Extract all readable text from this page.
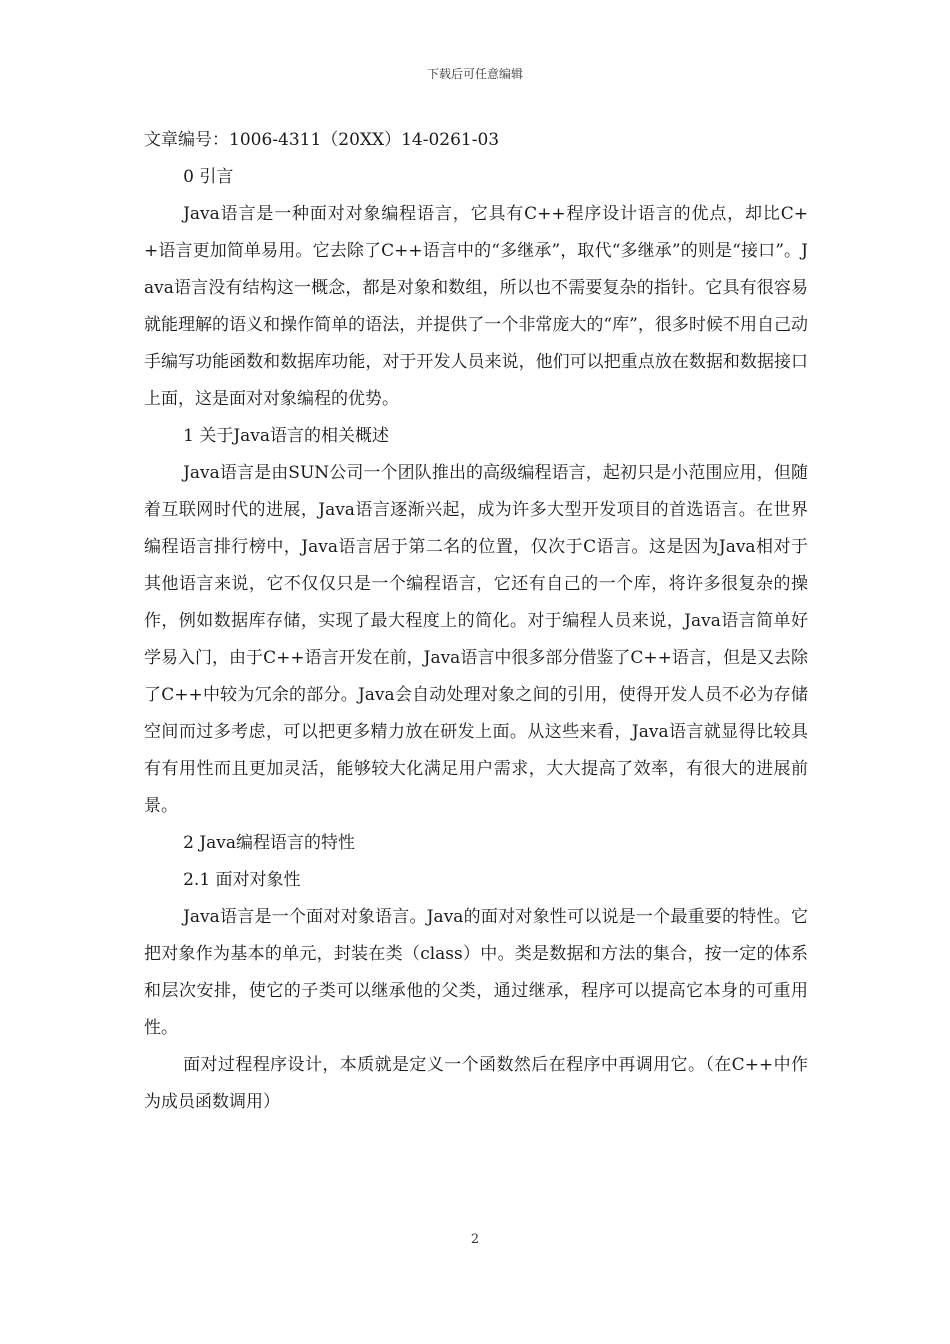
下载后可任意编辑

文章编号：1006-4311（20XX）14-0261-03

0 引言

Java语言是一种面对对象编程语言，它具有C++程序设计语言的优点，却比C++语言更加简单易用。它去除了C++语言中的“多继承”，取代“多继承”的则是“接口”。Java语言没有结构这一概念，都是对象和数组，所以也不需要复杂的指针。它具有很容易就能理解的语义和操作简单的语法，并提供了一个非常庞大的“库”，很多时候不用自己动手编写功能函数和数据库功能，对于开发人员来说，他们可以把重点放在数据和数据接口上面，这是面对对象编程的优势。

1 关于Java语言的相关概述

Java语言是由SUN公司一个团队推出的高级编程语言，起初只是小范围应用，但随着互联网时代的进展，Java语言逐渐兴起，成为许多大型开发项目的首选语言。在世界编程语言排行榜中，Java语言居于第二名的位置，仅次于C语言。这是因为Java相对于其他语言来说，它不仅仅只是一个编程语言，它还有自己的一个库，将许多很复杂的操作，例如数据库存储，实现了最大程度上的简化。对于编程人员来说，Java语言简单好学易入门，由于C++语言开发在前，Java语言中很多部分借鉴了C++语言，但是又去除了C++中较为冗余的部分。Java会自动处理对象之间的引用，使得开发人员不必为存储空间而过多考虑，可以把更多精力放在研发上面。从这些来看，Java语言就显得比较具有有用性而且更加灵活，能够较大化满足用户需求，大大提高了效率，有很大的进展前景。

2 Java编程语言的特性

2.1 面对对象性

Java语言是一个面对对象语言。Java的面对对象性可以说是一个最重要的特性。它把对象作为基本的单元，封装在类（class）中。类是数据和方法的集合，按一定的体系和层次安排，使它的子类可以继承他的父类，通过继承，程序可以提高它本身的可重用性。

面对过程程序设计，本质就是定义一个函数然后在程序中再调用它。（在C++中作为成员函数调用）

2
